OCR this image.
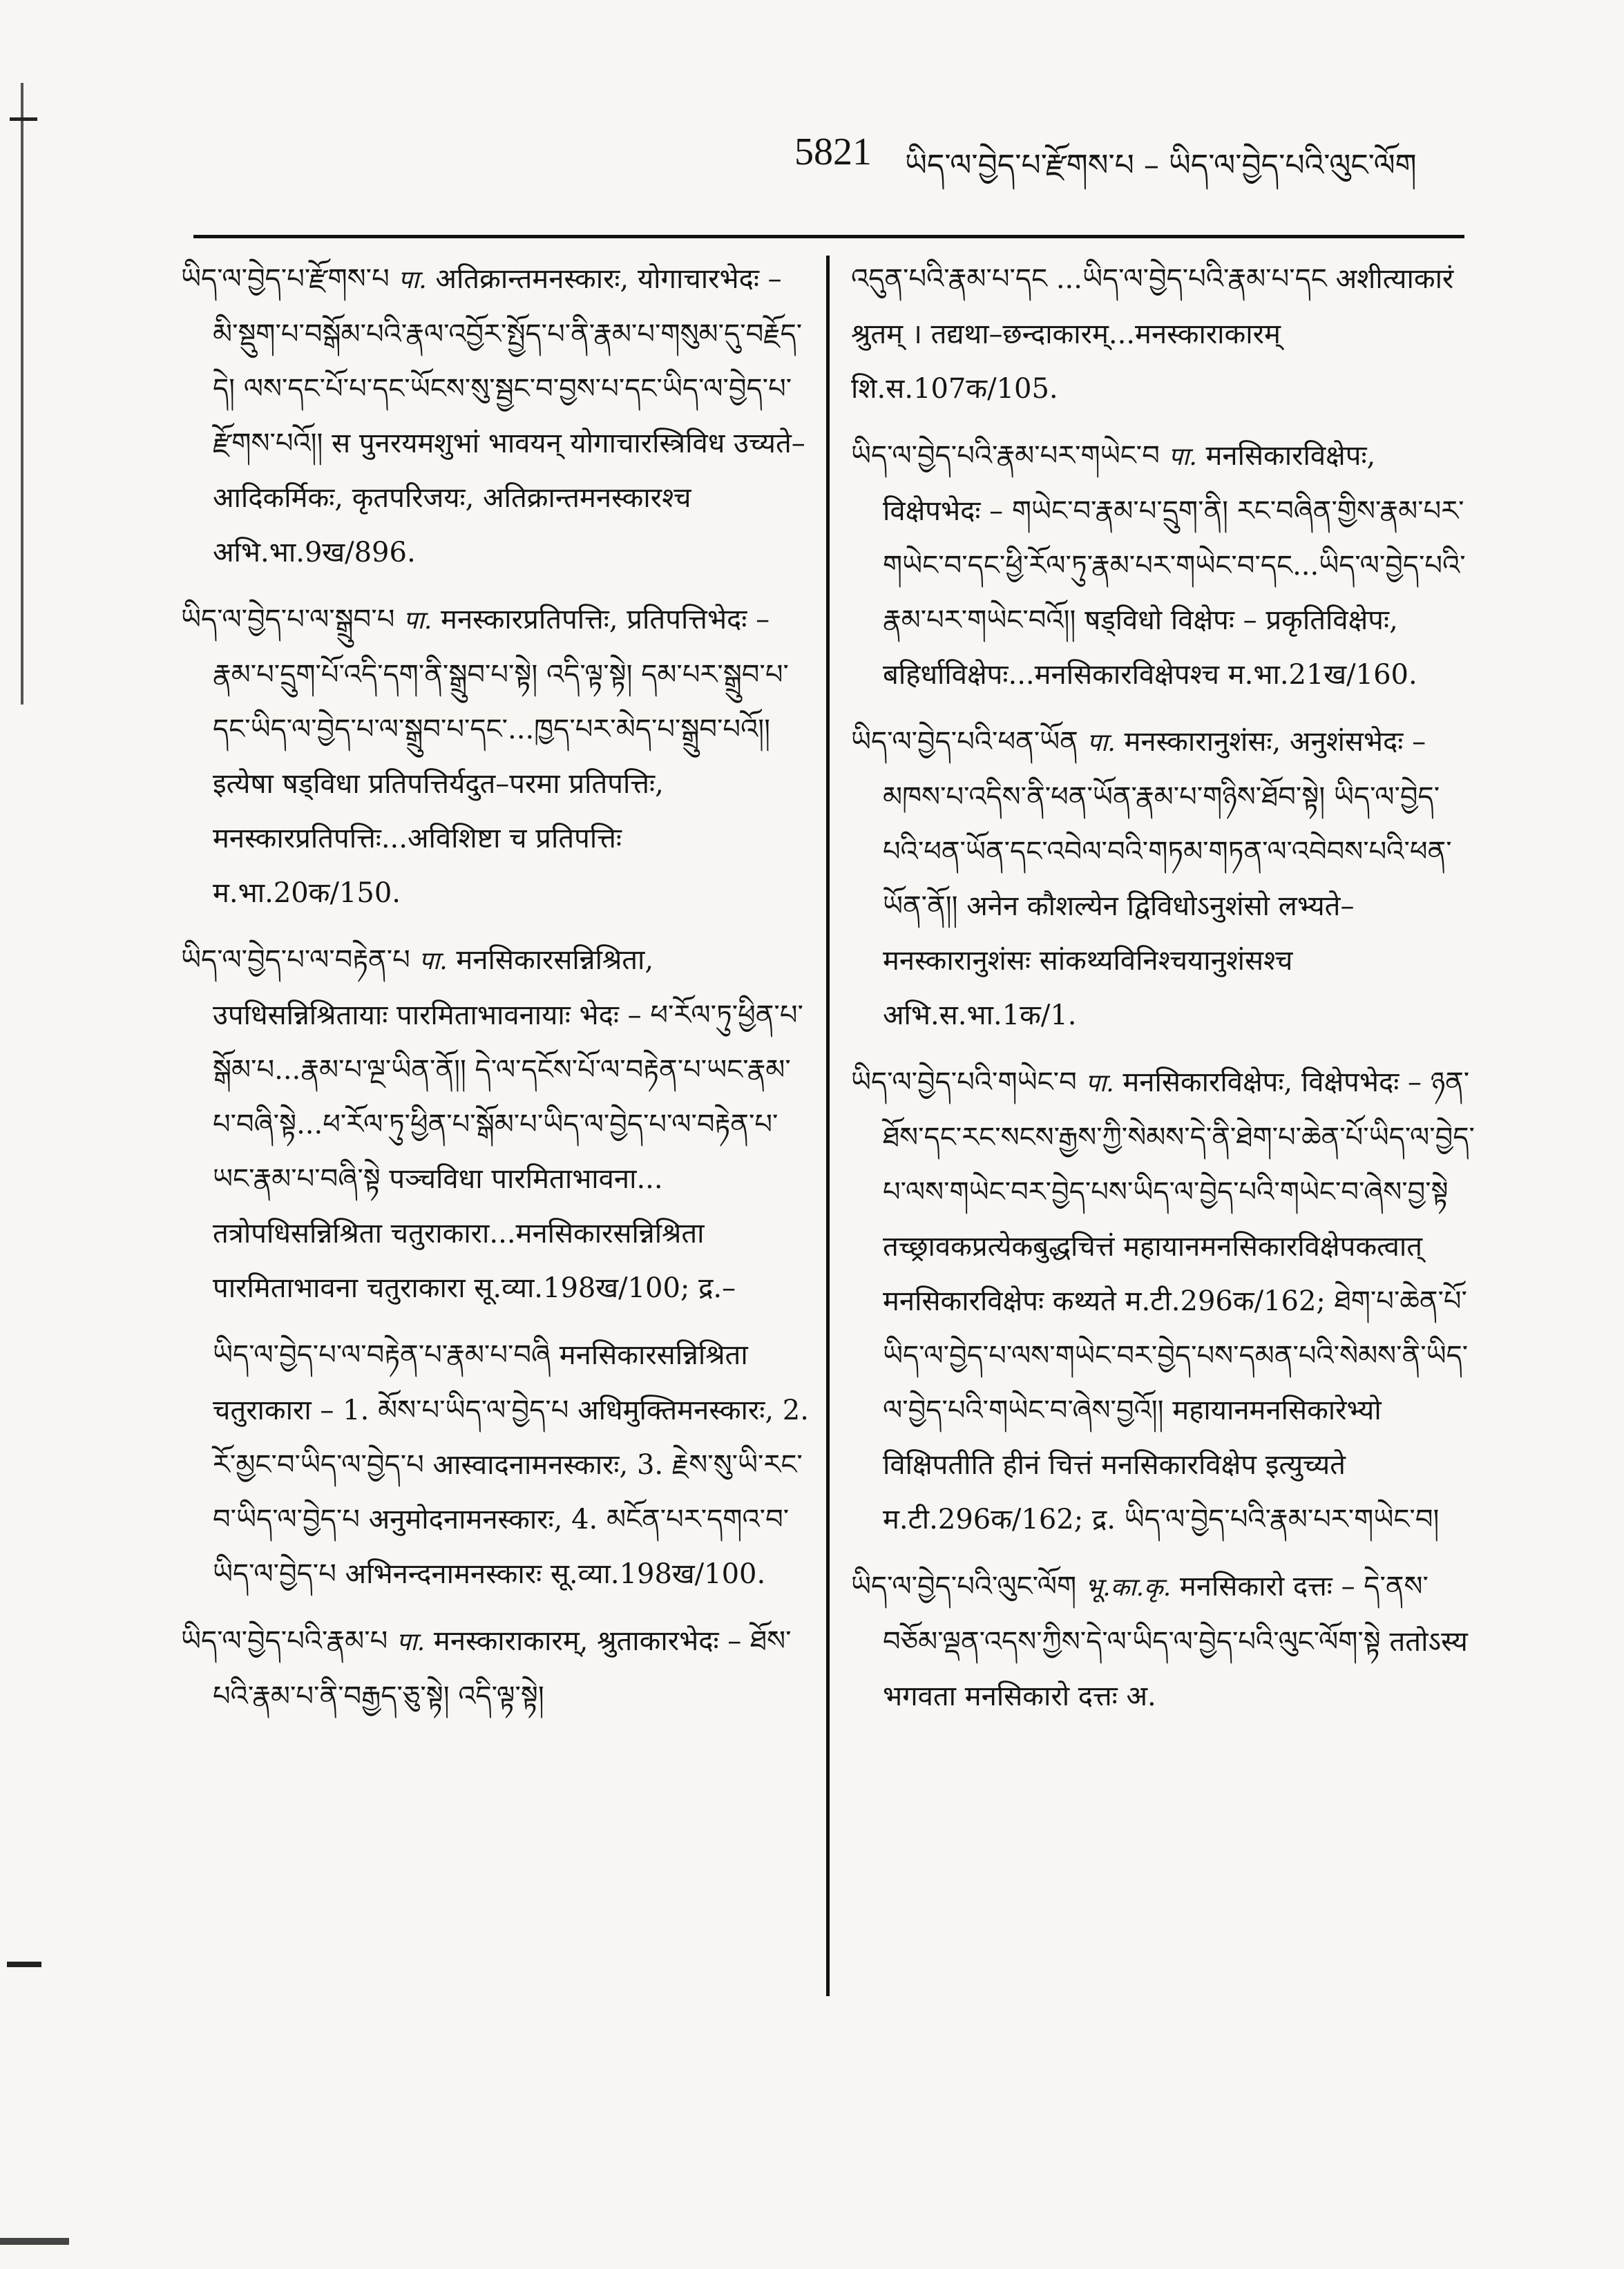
5821 ཡིད་ལ་བྱེད་པ་རྫོགས་པ – ཡིད་ལ་བྱེད་པའི་ལུང་ལོག

ཡིད་ལ་བྱེད་པ་རྫོགས་པ पा. अतिक्रान्तमनस्कारः, योगाचारभेदः – མི་སྡུག་པ་བསྒོམ་པའི་རྣལ་འབྱོར་སྤྱོད་པ་ནི་རྣམ་པ་གསུམ་དུ་བརྗོད་དེ། ལས་དང་པོ་པ་དང་ཡོངས་སུ་སྦྱང་བ་བྱས་པ་དང་ཡིད་ལ་བྱེད་པ་རྫོགས་པའོ།། स पुनरयमशुभां भावयन् योगाचारस्त्रिविध उच्यते–आदिकर्मिकः, कृतपरिजयः, अतिक्रान्तमनस्कारश्च अभि.भा.9ख/896.

ཡིད་ལ་བྱེད་པ་ལ་སྒྲུབ་པ पा. मनस्कारप्रतिपत्तिः, प्रतिपत्तिभेदः – རྣམ་པ་དྲུག་པོ་འདི་དག་ནི་སྒྲུབ་པ་སྟེ། འདི་ལྟ་སྟེ། དམ་པར་སྒྲུབ་པ་དང་ཡིད་ལ་བྱེད་པ་ལ་སྒྲུབ་པ་དང་...ཁྱད་པར་མེད་པ་སྒྲུབ་པའོ།། इत्येषा षड्विधा प्रतिपत्तिर्यदुत–परमा प्रतिपत्तिः, मनस्कारप्रतिपत्तिः...अविशिष्टा च प्रतिपत्तिः म.भा.20क/150.

ཡིད་ལ་བྱེད་པ་ལ་བརྟེན་པ पा. मनसिकारसन्निश्रिता, उपधिसन्निश्रितायाः पारमिताभावनायाः भेदः – ཕ་རོལ་ཏུ་ཕྱིན་པ་སྒོམ་པ...རྣམ་པ་ལྔ་ཡིན་ནོ།། དེ་ལ་དངོས་པོ་ལ་བརྟེན་པ་ཡང་རྣམ་པ་བཞི་སྟེ...ཕ་རོལ་ཏུ་ཕྱིན་པ་སྒོམ་པ་ཡིད་ལ་བྱེད་པ་ལ་བརྟེན་པ་ཡང་རྣམ་པ་བཞི་སྟེ पञ्चविधा पारमिताभावना... तत्रोपधिसन्निश्रिता चतुराकारा...मनसिकारसन्निश्रिता पारमिताभावना चतुराकारा सू.व्या.198ख/100; द्र.–

ཡིད་ལ་བྱེད་པ་ལ་བརྟེན་པ་རྣམ་པ་བཞི मनसिकारसन्निश्रिता चतुराकारा – 1. མོས་པ་ཡིད་ལ་བྱེད་པ अधिमुक्तिमनस्कारः, 2. རོ་མྱང་བ་ཡིད་ལ་བྱེད་པ आस्वादनामनस्कारः, 3. རྗེས་སུ་ཡི་རང་བ་ཡིད་ལ་བྱེད་པ अनुमोदनामनस्कारः, 4. མངོན་པར་དགའ་བ་ཡིད་ལ་བྱེད་པ अभिनन्दनामनस्कारः सू.व्या.198ख/100.

ཡིད་ལ་བྱེད་པའི་རྣམ་པ पा. मनस्काराकारम्, श्रुताकारभेदः – ཐོས་པའི་རྣམ་པ་ནི་བརྒྱད་ཅུ་སྟེ། འདི་ལྟ་སྟེ།

འདུན་པའི་རྣམ་པ་དང ...ཡིད་ལ་བྱེད་པའི་རྣམ་པ་དང अशीत्याकारं श्रुतम् । तद्यथा–छन्दाकारम्...मनस्काराकारम् शि.स.107क/105.

ཡིད་ལ་བྱེད་པའི་རྣམ་པར་གཡེང་བ पा. मनसिकारविक्षेपः, विक्षेपभेदः – གཡེང་བ་རྣམ་པ་དྲུག་ནི། རང་བཞིན་གྱིས་རྣམ་པར་གཡེང་བ་དང་ཕྱི་རོལ་ཏུ་རྣམ་པར་གཡེང་བ་དང...ཡིད་ལ་བྱེད་པའི་རྣམ་པར་གཡེང་བའོ།། षड्विधो विक्षेपः – प्रकृतिविक्षेपः, बहिर्धाविक्षेपः...मनसिकारविक्षेपश्च म.भा.21ख/160.

ཡིད་ལ་བྱེད་པའི་ཕན་ཡོན पा. मनस्कारानुशंसः, अनुशंसभेदः – མཁས་པ་འདིས་ནི་ཕན་ཡོན་རྣམ་པ་གཉིས་ཐོབ་སྟེ། ཡིད་ལ་བྱེད་པའི་ཕན་ཡོན་དང་འབེལ་བའི་གཏམ་གཏན་ལ་འབེབས་པའི་ཕན་ཡོན་ནོ།། अनेन कौशल्येन द्विविधोऽनुशंसो लभ्यते–मनस्कारानुशंसः सांकथ्यविनिश्चयानुशंसश्च अभि.स.भा.1क/1.

ཡིད་ལ་བྱེད་པའི་གཡེང་བ पा. मनसिकारविक्षेपः, विक्षेपभेदः – ཉན་ཐོས་དང་རང་སངས་རྒྱས་ཀྱི་སེམས་དེ་ནི་ཐེག་པ་ཆེན་པོ་ཡིད་ལ་བྱེད་པ་ལས་གཡེང་བར་བྱེད་པས་ཡིད་ལ་བྱེད་པའི་གཡེང་བ་ཞེས་བྱ་སྟེ तच्छ्रावकप्रत्येकबुद्धचित्तं महायानमनसिकारविक्षेपकत्वात् मनसिकारविक्षेपः कथ्यते म.टी.296क/162; ཐེག་པ་ཆེན་པོ་ཡིད་ལ་བྱེད་པ་ལས་གཡེང་བར་བྱེད་པས་དམན་པའི་སེམས་ནི་ཡིད་ལ་བྱེད་པའི་གཡེང་བ་ཞེས་བྱའོ།། महायानमनसिकारेभ्यो विक्षिपतीति हीनं चित्तं मनसिकारविक्षेप इत्युच्यते म.टी.296क/162; द्र. ཡིད་ལ་བྱེད་པའི་རྣམ་པར་གཡེང་བ།

ཡིད་ལ་བྱེད་པའི་ལུང་ལོག भू.का.कृ. मनसिकारो दत्तः – དེ་ནས་བཅོམ་ལྡན་འདས་ཀྱིས་དེ་ལ་ཡིད་ལ་བྱེད་པའི་ལུང་ལོག་སྟེ ततोऽस्य भगवता मनसिकारो दत्तः अ.
